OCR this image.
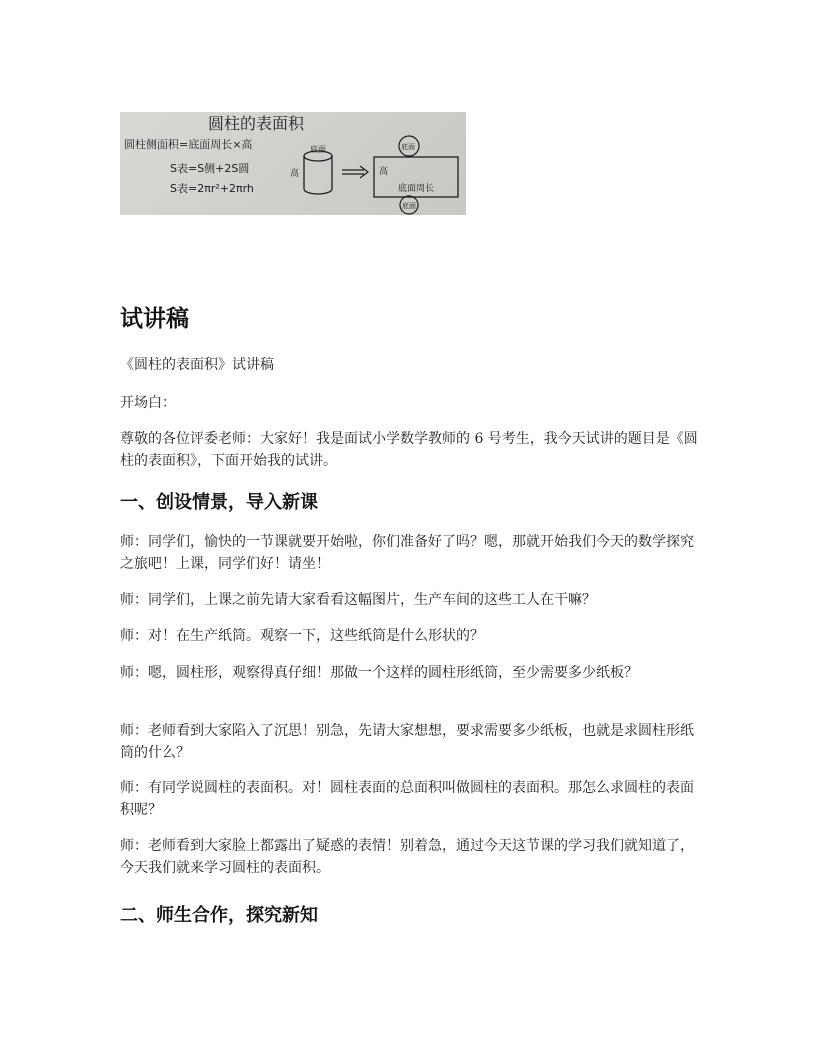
圆柱的表面积
圆柱侧面积=底面周长×高
S表=S侧+2S圆
S表=2πr²+2πrh
底面
高	高
底面周长
底面
底面
试讲稿

《圆柱的表面积》试讲稿

开场白：

尊敬的各位评委老师：大家好！我是面试小学数学教师的 6 号考生，我今天试讲的题目是《圆柱的表面积》，下面开始我的试讲。

一、创设情景，导入新课

师：同学们，愉快的一节课就要开始啦，你们准备好了吗？嗯，那就开始我们今天的数学探究之旅吧！上课，同学们好！请坐！

师：同学们，上课之前先请大家看看这幅图片，生产车间的这些工人在干嘛？

师：对！在生产纸筒。观察一下，这些纸筒是什么形状的？

师：嗯，圆柱形，观察得真仔细！那做一个这样的圆柱形纸筒，至少需要多少纸板？

师：老师看到大家陷入了沉思！别急，先请大家想想，要求需要多少纸板，也就是求圆柱形纸筒的什么？

师：有同学说圆柱的表面积。对！圆柱表面的总面积叫做圆柱的表面积。那怎么求圆柱的表面积呢？

师：老师看到大家脸上都露出了疑惑的表情！别着急，通过今天这节课的学习我们就知道了，今天我们就来学习圆柱的表面积。

二、师生合作，探究新知
